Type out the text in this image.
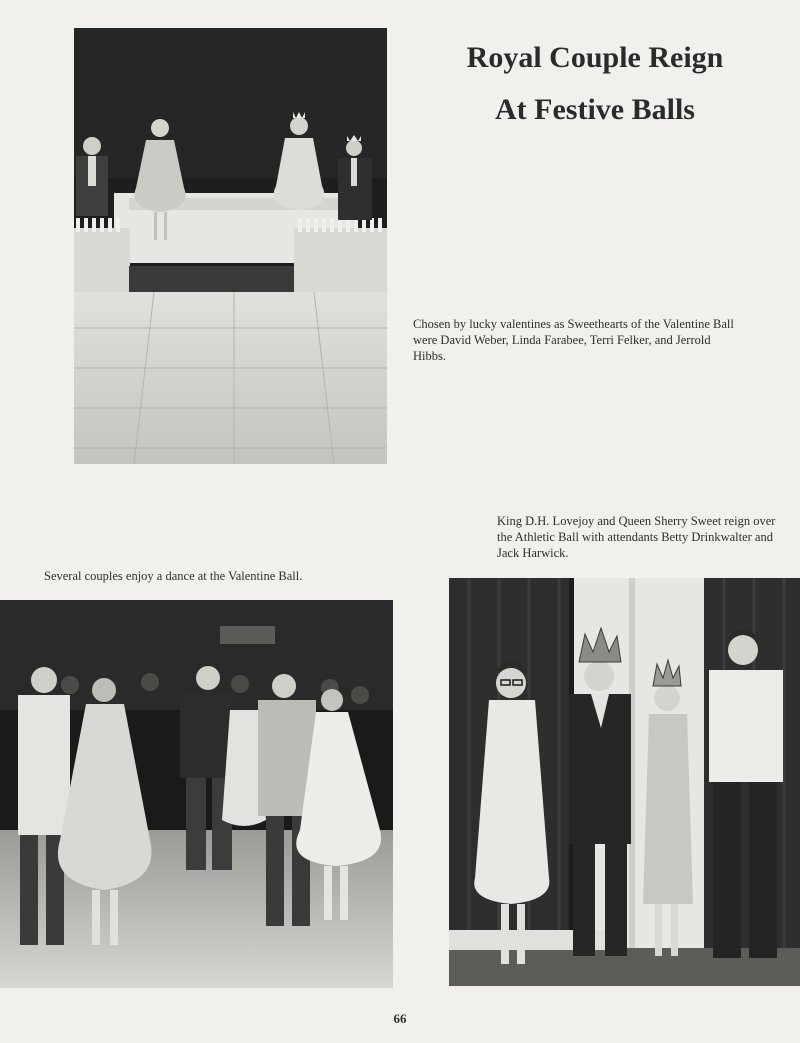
Royal Couple Reign
At Festive Balls

Chosen by lucky valentines as Sweethearts of the Valentine Ball were David Weber, Linda Farabee, Terri Felker, and Jerrold Hibbs.

King D.H. Lovejoy and Queen Sherry Sweet reign over the Athletic Ball with attendants Betty Drinkwalter and Jack Harwick.

Several couples enjoy a dance at the Valentine Ball.

66
